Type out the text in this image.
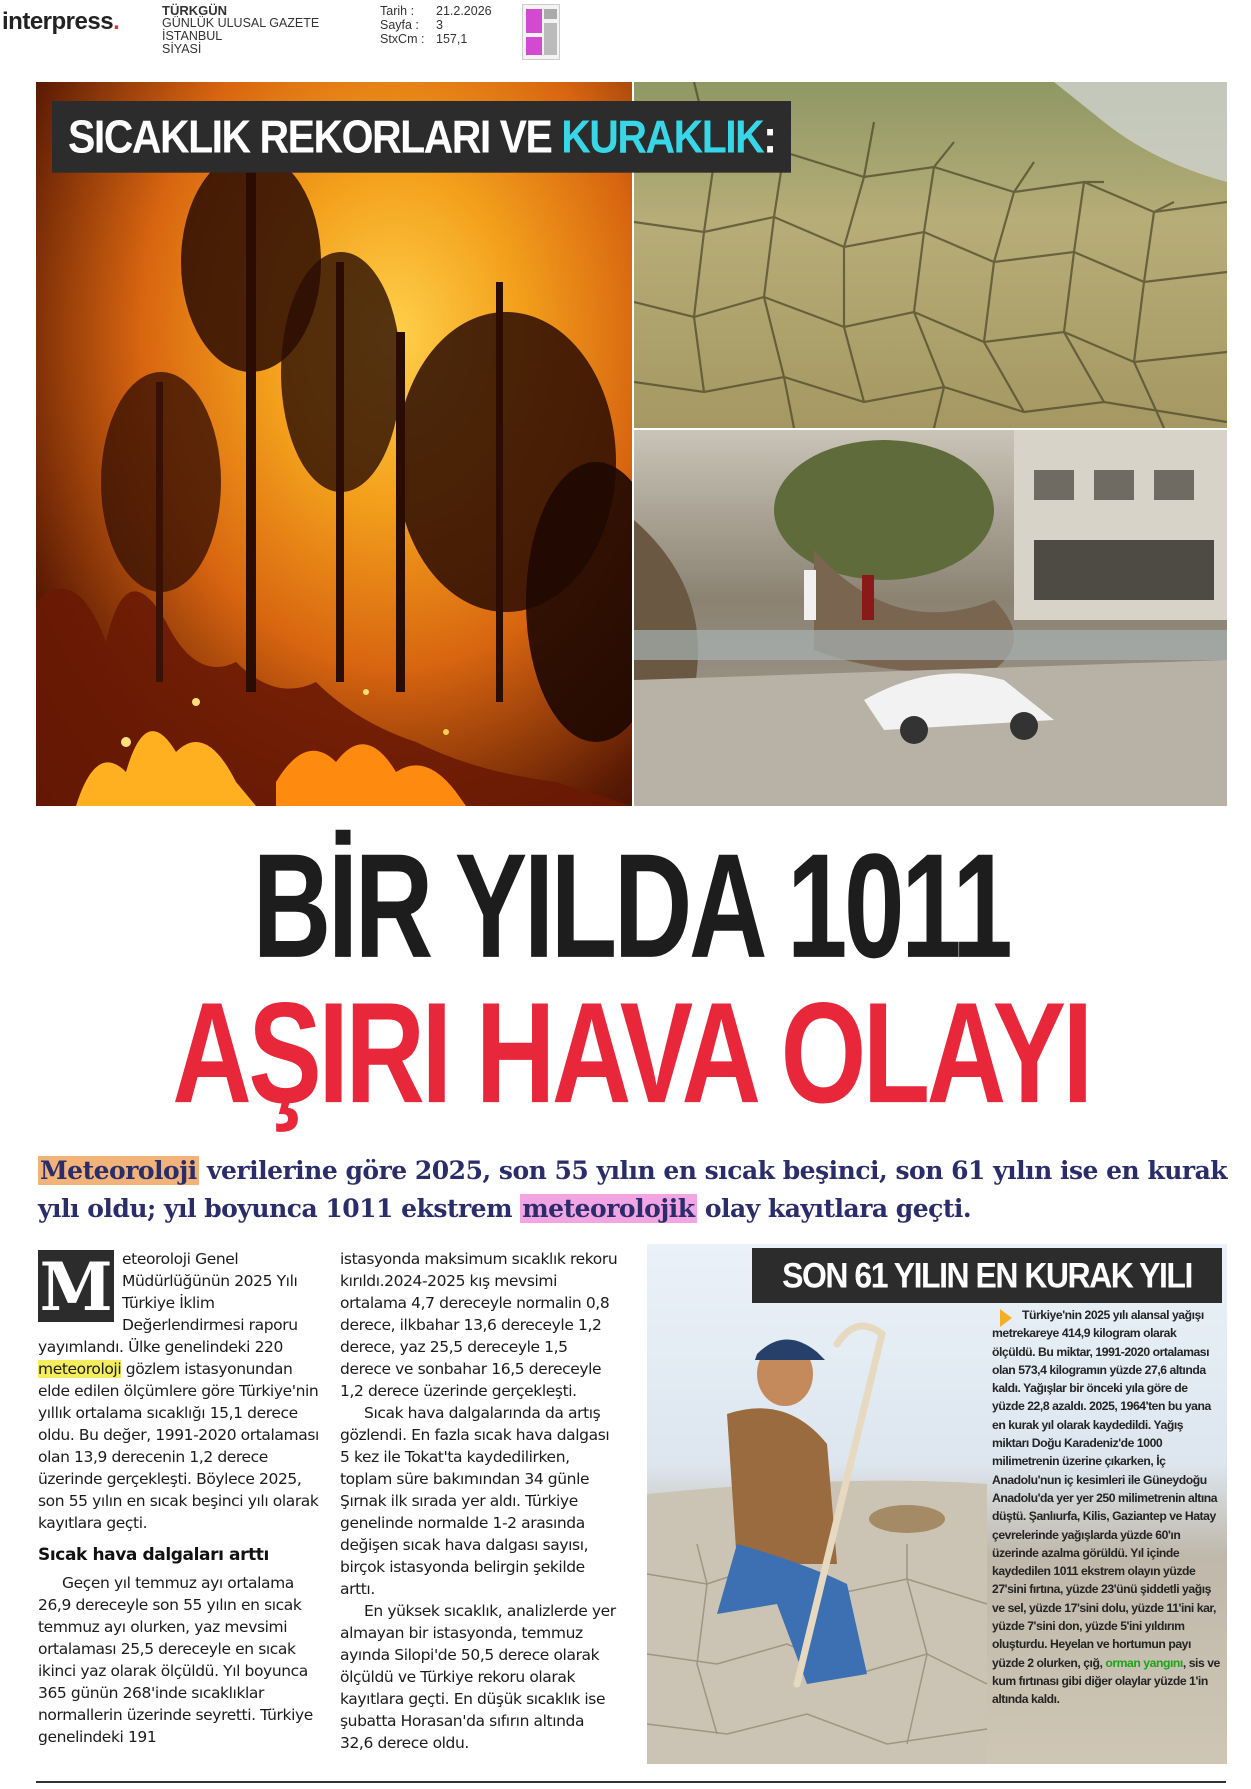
interpress.	TÜRKGÜN
GÜNLÜK ULUSAL GAZETE
İSTANBUL
SİYASİ
Tarih : 21.2.2026
Sayfa : 3
StxCm : 157,1
SICAKLIK REKORLARI VE KURAKLIK:
BİR YILDA 1011
AŞIRI HAVA OLAYI
Meteoroloji verilerine göre 2025, son 55 yılın en sıcak beşinci, son 61 yılın ise en kurak yılı oldu; yıl boyunca 1011 ekstrem meteorolojik olay kayıtlara geçti.
M eteoroloji Genel Müdürlüğünün 2025 Yılı Türkiye İklim Değerlendirmesi raporu yayımlandı. Ülke genelindeki 220 meteoroloji gözlem istasyonundan elde edilen ölçümlere göre Türkiye'nin yıllık ortalama sıcaklığı 15,1 derece oldu. Bu değer, 1991-2020 ortalaması olan 13,9 derecenin 1,2 derece üzerinde gerçekleşti. Böylece 2025, son 55 yılın en sıcak beşinci yılı olarak kayıtlara geçti.

Sıcak hava dalgaları arttı

Geçen yıl temmuz ayı ortalama 26,9 dereceyle son 55 yılın en sıcak temmuz ayı olurken, yaz mevsimi ortalaması 25,5 dereceyle en sıcak ikinci yaz olarak ölçüldü. Yıl boyunca 365 günün 268'inde sıcaklıklar normallerin üzerinde seyretti. Türkiye genelindeki 191

istasyonda maksimum sıcaklık rekoru kırıldı.2024-2025 kış mevsimi ortalama 4,7 dereceyle normalin 0,8 derece, ilkbahar 13,6 dereceyle 1,2 derece, yaz 25,5 dereceyle 1,5 derece ve sonbahar 16,5 dereceyle 1,2 derece üzerinde gerçekleşti.

Sıcak hava dalgalarında da artış gözlendi. En fazla sıcak hava dalgası 5 kez ile Tokat'ta kaydedilirken, toplam süre bakımından 34 günle Şırnak ilk sırada yer aldı. Türkiye genelinde normalde 1-2 arasında değişen sıcak hava dalgası sayısı, birçok istasyonda belirgin şekilde arttı.

En yüksek sıcaklık, analizlerde yer almayan bir istasyonda, temmuz ayında Silopi'de 50,5 derece olarak ölçüldü ve Türkiye rekoru olarak kayıtlara geçti. En düşük sıcaklık ise şubatta Horasan'da sıfırın altında 32,6 derece oldu.

SON 61 YILIN EN KURAK YILI
Türkiye'nin 2025 yılı alansal yağışı metrekareye 414,9 kilogram olarak ölçüldü. Bu miktar, 1991-2020 ortalaması olan 573,4 kilogramın yüzde 27,6 altında kaldı. Yağışlar bir önceki yıla göre de yüzde 22,8 azaldı. 2025, 1964'ten bu yana en kurak yıl olarak kaydedildi. Yağış miktarı Doğu Karadeniz'de 1000 milimetrenin üzerine çıkarken, İç Anadolu'nun iç kesimleri ile Güneydoğu Anadolu'da yer yer 250 milimetrenin altına düştü. Şanlıurfa, Kilis, Gaziantep ve Hatay çevrelerinde yağışlarda yüzde 60'ın üzerinde azalma görüldü. Yıl içinde kaydedilen 1011 ekstrem olayın yüzde 27'sini fırtına, yüzde 23'ünü şiddetli yağış ve sel, yüzde 17'sini dolu, yüzde 11'ini kar, yüzde 7'sini don, yüzde 5'ini yıldırım oluşturdu. Heyelan ve hortumun payı yüzde 2 olurken, çığ, orman yangını, sis ve kum fırtınası gibi diğer olaylar yüzde 1'in altında kaldı.
